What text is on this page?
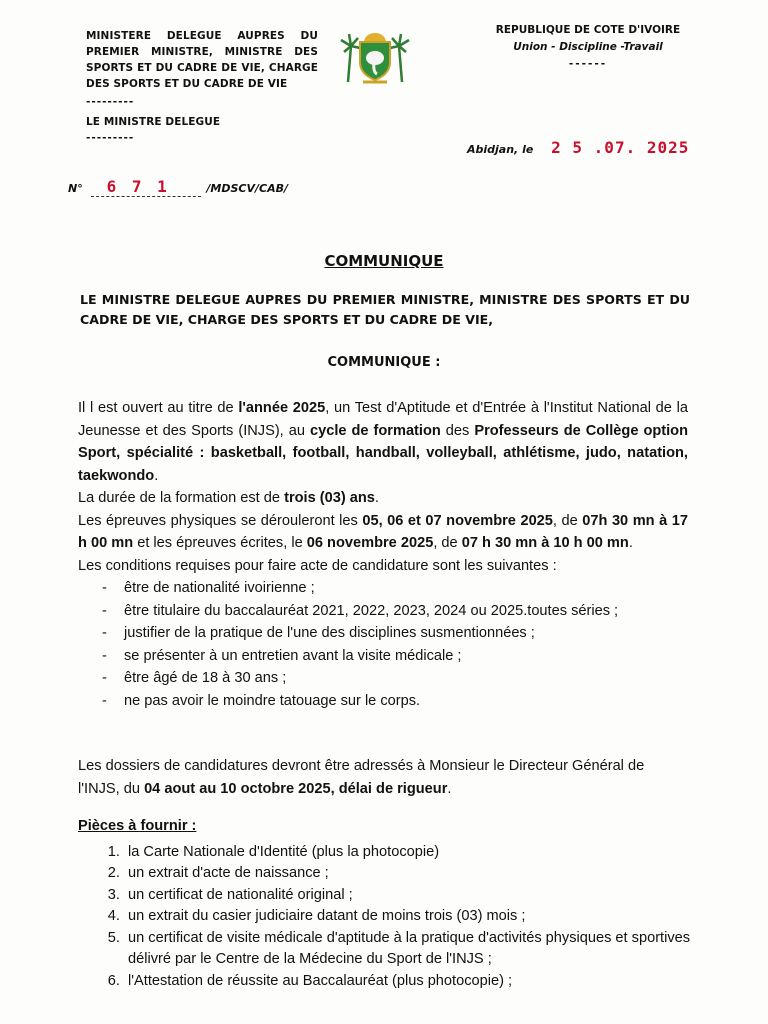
MINISTERE DELEGUE AUPRES DU PREMIER MINISTRE, MINISTRE DES SPORTS ET DU CADRE DE VIE, CHARGE DES SPORTS ET DU CADRE DE VIE
---------
LE MINISTRE DELEGUE
---------
REPUBLIQUE DE COTE D'IVOIRE
Union - Discipline -Travail
------
Abidjan, le 2 5 .07. 2025
N° 6 7 1	/MDSCV/CAB/
COMMUNIQUE
LE MINISTRE DELEGUE AUPRES DU PREMIER MINISTRE, MINISTRE DES SPORTS ET DU CADRE DE VIE, CHARGE DES SPORTS ET DU CADRE DE VIE,
COMMUNIQUE :

Il l est ouvert au titre de l'année 2025, un Test d'Aptitude et d'Entrée à l'Institut National de la Jeunesse et des Sports (INJS), au cycle de formation des Professeurs de Collège option Sport, spécialité : basketball, football, handball, volleyball, athlétisme, judo, natation, taekwondo.

La durée de la formation est de trois (03) ans.

Les épreuves physiques se dérouleront les 05, 06 et 07 novembre 2025, de 07h 30 mn à 17 h 00 mn et les épreuves écrites, le 06 novembre 2025, de 07 h 30 mn à 10 h 00 mn.

Les conditions requises pour faire acte de candidature sont les suivantes :

- être de nationalité ivoirienne ;
- être titulaire du baccalauréat 2021, 2022, 2023, 2024 ou 2025.toutes séries ;
- justifier de la pratique de l'une des disciplines susmentionnées ;
- se présenter à un entretien avant la visite médicale ;
- être âgé de 18 à 30 ans ;
- ne pas avoir le moindre tatouage sur le corps.

Les dossiers de candidatures devront être adressés à Monsieur le Directeur Général de l'INJS, du 04 aout au 10 octobre 2025, délai de rigueur.

Pièces à fournir :
1. la Carte Nationale d'Identité (plus la photocopie)
2. un extrait d'acte de naissance ;
3. un certificat de nationalité original ;
4. un extrait du casier judiciaire datant de moins trois (03) mois ;
5. un certificat de visite médicale d'aptitude à la pratique d'activités physiques et sportives délivré par le Centre de la Médecine du Sport de l'INJS ;
6. l'Attestation de réussite au Baccalauréat (plus photocopie) ;
